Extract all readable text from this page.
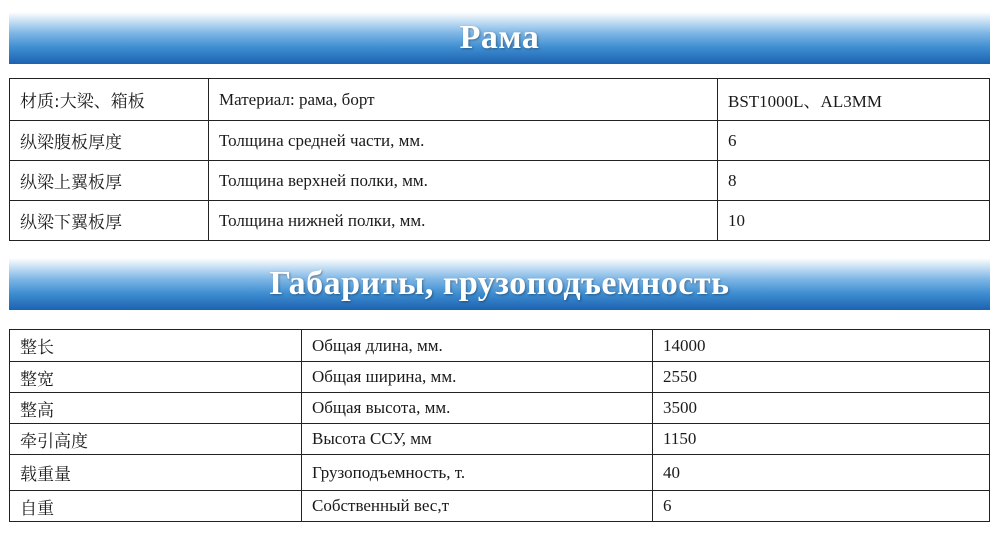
Рама
材质:大梁、箱板	Материал: рама, борт	BST1000L、AL3MM
纵梁腹板厚度	Толщина средней части, мм.	6
纵梁上翼板厚	Толщина верхней полки, мм.	8
纵梁下翼板厚	Толщина нижней полки, мм.	10
Габариты, грузоподъемность
整长	Общая длина, мм.	14000
整宽	Общая ширина, мм.	2550
整高	Общая высота, мм.	3500
牵引高度	Высота ССУ, мм	1150
载重量	Грузоподъемность, т.	40
自重	Собственный вес,т	6
